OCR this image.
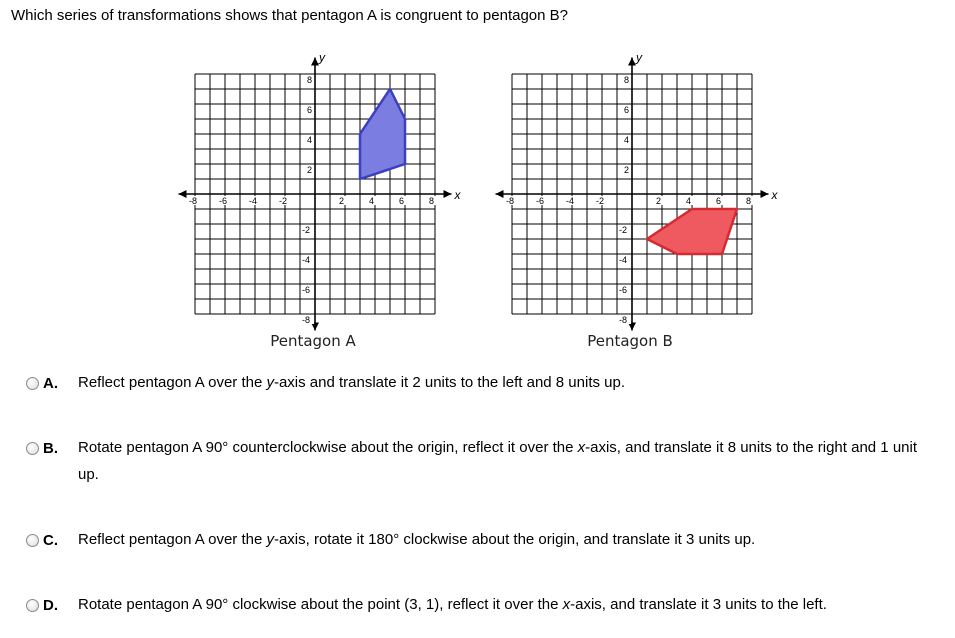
Which series of transformations shows that pentagon A is congruent to pentagon B?
x
y
-8 -6 -4 -2	2	4	6	8
8
6
4
2
-2
-4
-6
-8
Pentagon A
x
y
-8 -6 -4 -2	2	4	6	8
8
6
4
2
-2
-4
-6
-8
Pentagon B
A. Reflect pentagon A over the y-axis and translate it 2 units to the left and 8 units up.
B. Rotate pentagon A 90° counterclockwise about the origin, reflect it over the x-axis, and translate it 8 units to the right and 1 unit up.
C. Reflect pentagon A over the y-axis, rotate it 180° clockwise about the origin, and translate it 3 units up.
D. Rotate pentagon A 90° clockwise about the point (3, 1), reflect it over the x-axis, and translate it 3 units to the left.
